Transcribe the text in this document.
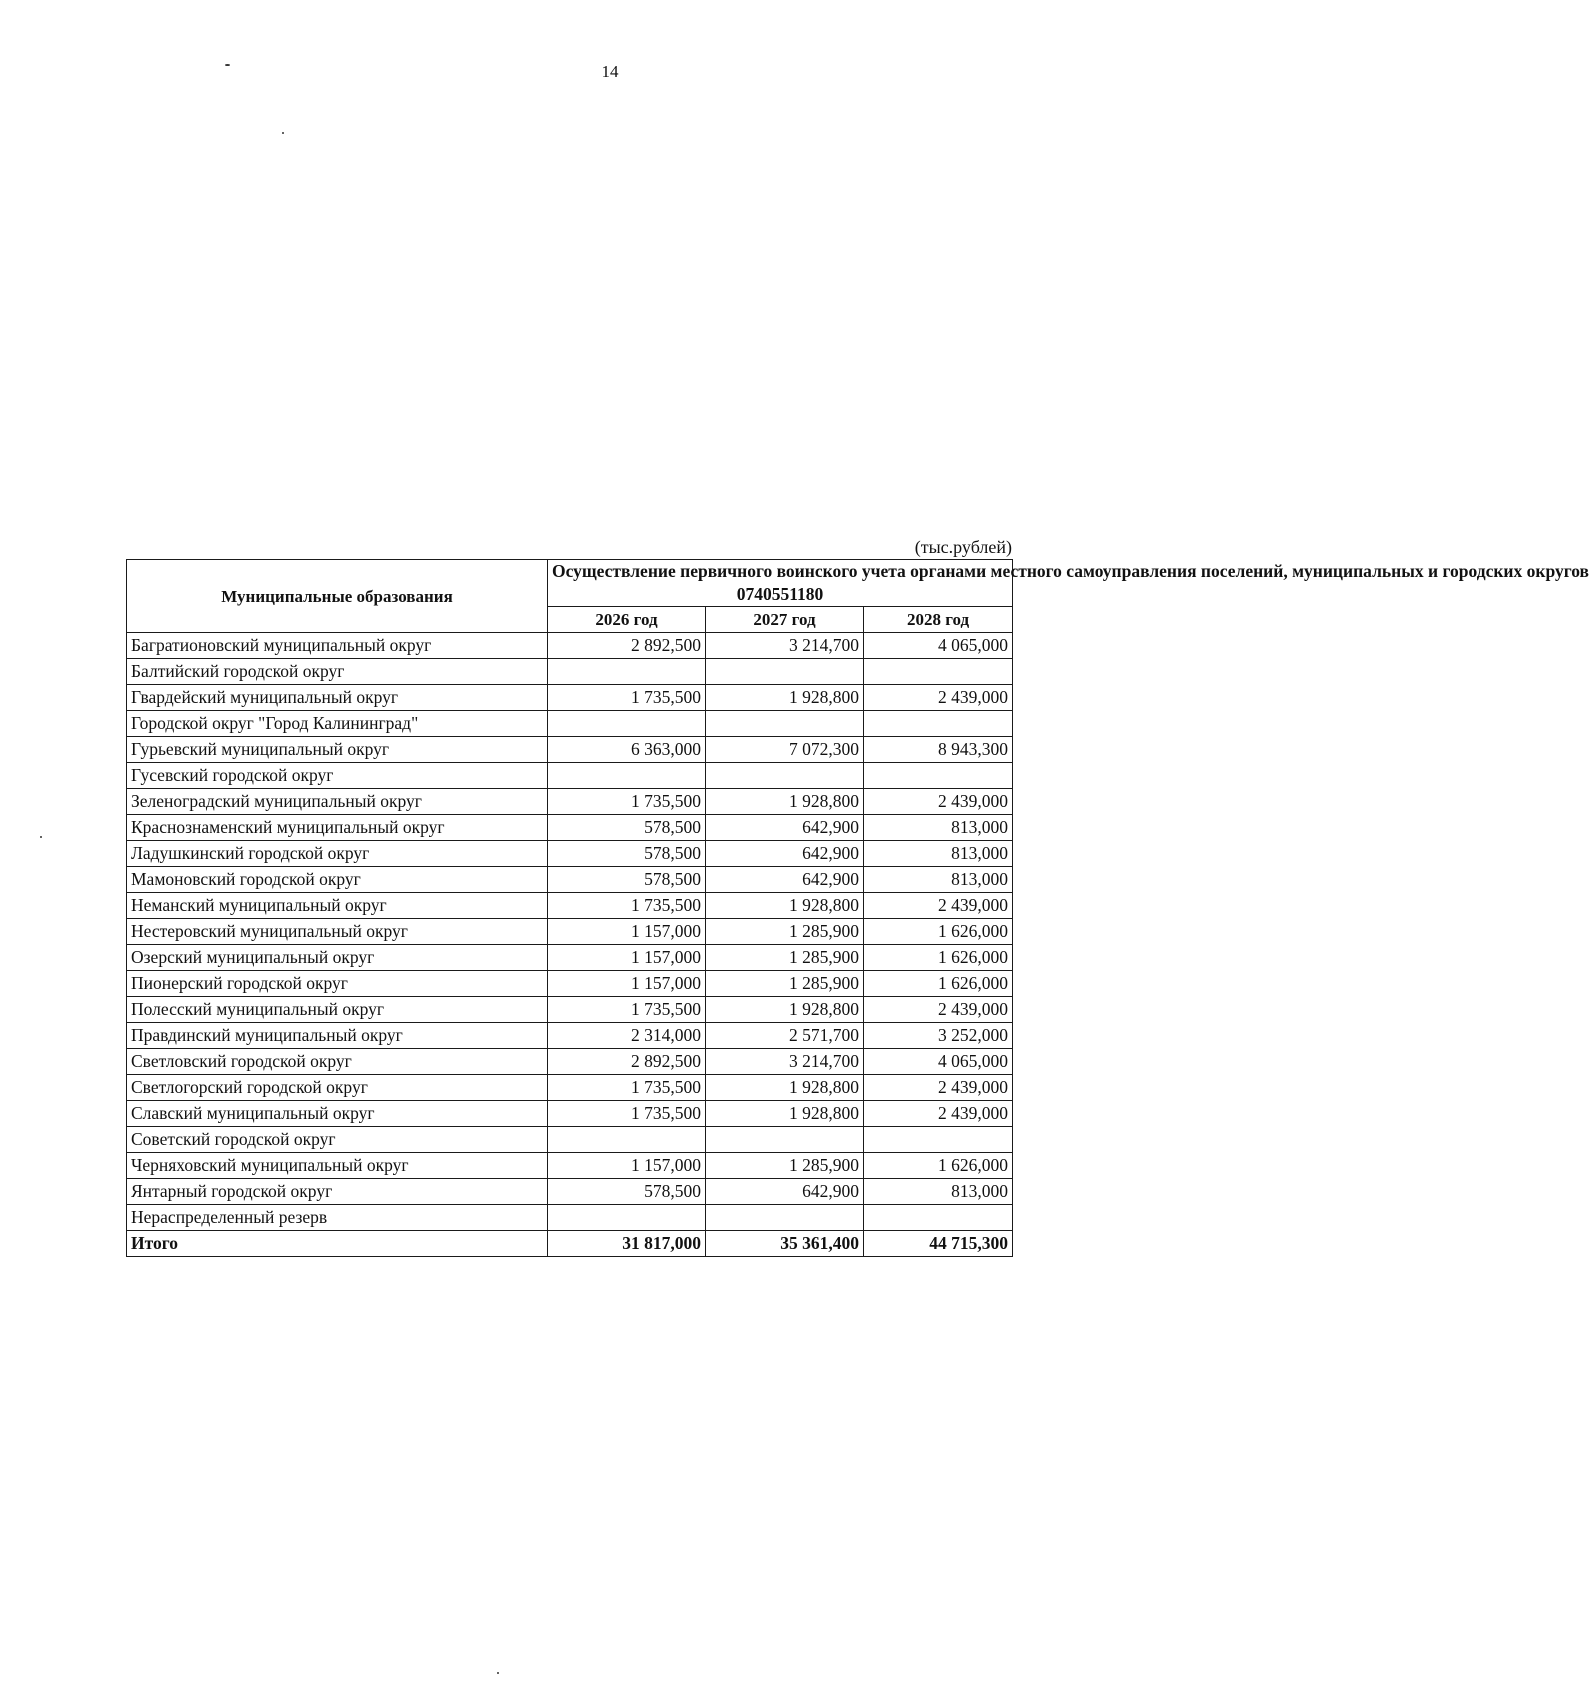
14
(тыс.рублей)
Муниципальные образования	Осуществление первичного воинского учета органами местного самоуправления поселений, муниципальных и городских округов
0740551180		

	2026 год	2027 год	2028 год
Багратионовский муниципальный округ	2 892,500	3 214,700	4 065,000
Балтийский городской округ			
Гвардейский муниципальный округ	1 735,500	1 928,800	2 439,000
Городской округ "Город Калининград"			
Гурьевский муниципальный округ	6 363,000	7 072,300	8 943,300
Гусевский городской округ			
Зеленоградский муниципальный округ	1 735,500	1 928,800	2 439,000
Краснознаменский муниципальный округ	578,500	642,900	813,000
Ладушкинский городской округ	578,500	642,900	813,000
Мамоновский городской округ	578,500	642,900	813,000
Неманский муниципальный округ	1 735,500	1 928,800	2 439,000
Нестеровский муниципальный округ	1 157,000	1 285,900	1 626,000
Озерский муниципальный округ	1 157,000	1 285,900	1 626,000
Пионерский городской округ	1 157,000	1 285,900	1 626,000
Полесский муниципальный округ	1 735,500	1 928,800	2 439,000
Правдинский муниципальный округ	2 314,000	2 571,700	3 252,000
Светловский городской округ	2 892,500	3 214,700	4 065,000
Светлогорский городской округ	1 735,500	1 928,800	2 439,000
Славский муниципальный округ	1 735,500	1 928,800	2 439,000
Советский городской округ			
Черняховский муниципальный округ	1 157,000	1 285,900	1 626,000
Янтарный городской округ	578,500	642,900	813,000
Нераспределенный резерв			
Итого	31 817,000	35 361,400	44 715,300
